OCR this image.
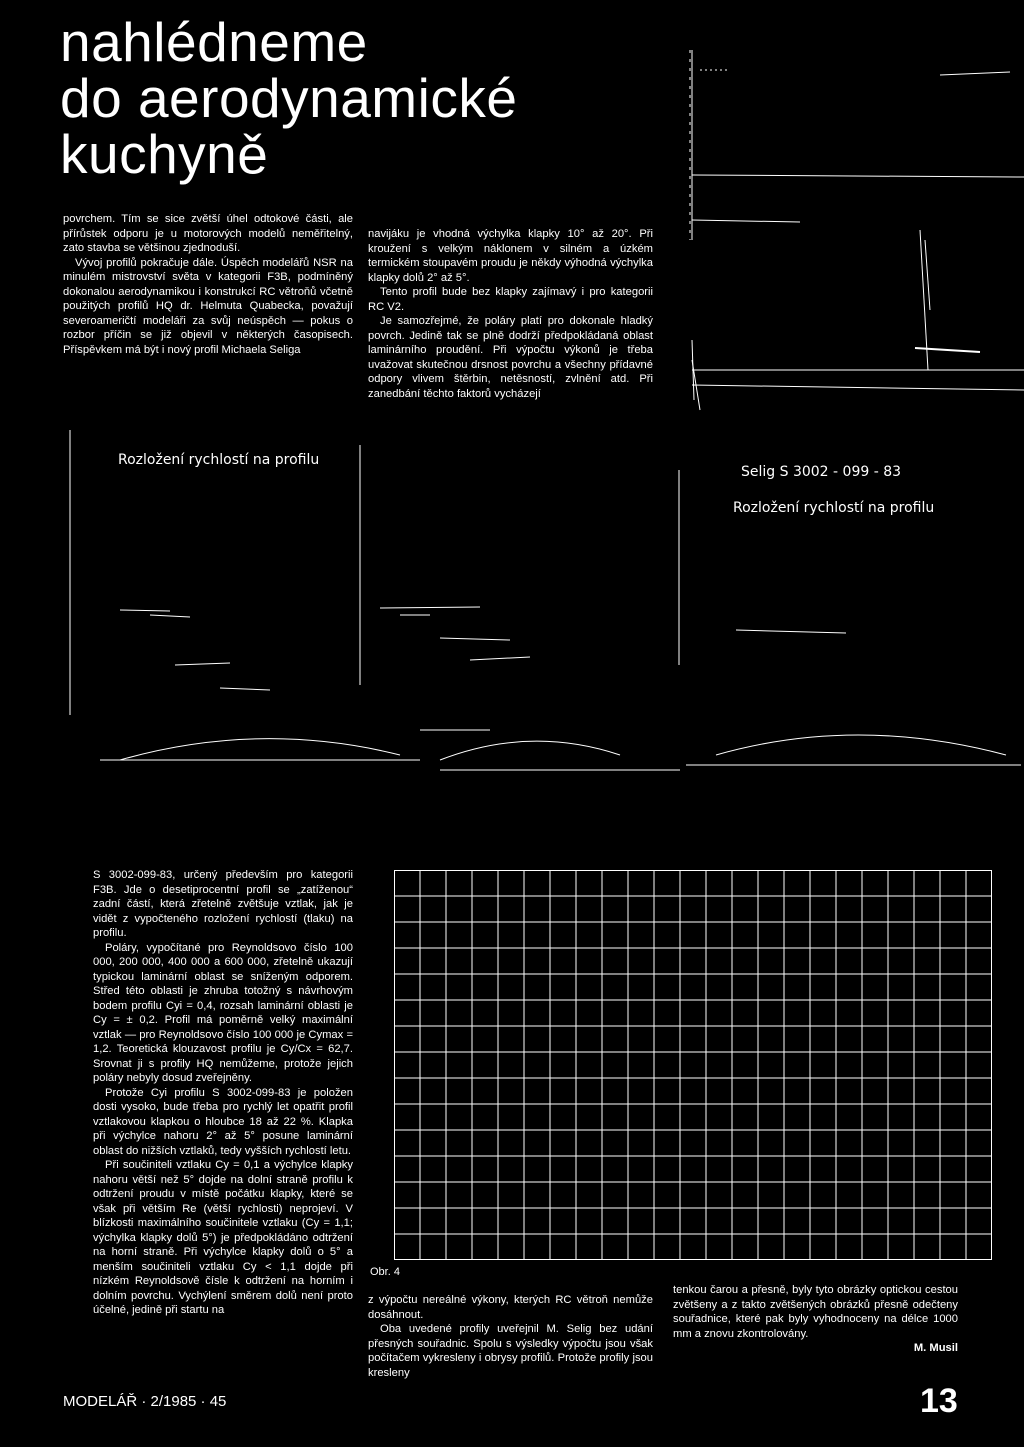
nahlédneme
do aerodynamické
kuchyně

povrchem. Tím se sice zvětší úhel odtokové části, ale přírůstek odporu je u motorových modelů neměřitelný, zato stavba se většinou zjednoduší.

Vývoj profilů pokračuje dále. Úspěch modelářů NSR na minulém mistrovství světa v kategorii F3B, podmíněný dokonalou aerodynamikou i konstrukcí RC větroňů včetně použitých profilů HQ dr. Helmuta Quabecka, považují severoameričtí modeláři za svůj neúspěch — pokus o rozbor příčin se již objevil v některých časopisech. Příspěvkem má být i nový profil Michaela Seliga

navijáku je vhodná výchylka klapky 10° až 20°. Při kroužení s velkým náklonem v silném a úzkém termickém stoupavém proudu je někdy výhodná výchylka klapky dolů 2° až 5°.

Tento profil bude bez klapky zajímavý i pro kategorii RC V2.

Je samozřejmé, že poláry platí pro dokonale hladký povrch. Jedině tak se plně dodrží předpokládaná oblast laminárního proudění. Při výpočtu výkonů je třeba uvažovat skutečnou drsnost povrchu a všechny přídavné odpory vlivem štěrbin, netěsností, zvlnění atd. Při zanedbání těchto faktorů vycházejí

Rozložení rychlostí na profilu
Selig S 3002 - 099 - 83
Rozložení rychlostí na profilu

S 3002-099-83, určený především pro kategorii F3B. Jde o desetiprocentní profil se „zatíženou“ zadní částí, která zřetelně zvětšuje vztlak, jak je vidět z vypočteného rozložení rychlostí (tlaku) na profilu.

Poláry, vypočítané pro Reynoldsovo číslo 100 000, 200 000, 400 000 a 600 000, zřetelně ukazují typickou laminární oblast se sníženým odporem. Střed této oblasti je zhruba totožný s návrhovým bodem profilu Cyi = 0,4, rozsah laminární oblasti je Cy = ± 0,2. Profil má poměrně velký maximální vztlak — pro Reynoldsovo číslo 100 000 je Cymax = 1,2. Teoretická klouzavost profilu je Cy/Cx = 62,7. Srovnat ji s profily HQ nemůžeme, protože jejich poláry nebyly dosud zveřejněny.

Protože Cyi profilu S 3002-099-83 je položen dosti vysoko, bude třeba pro rychlý let opatřit profil vztlakovou klapkou o hloubce 18 až 22 %. Klapka při výchylce nahoru 2° až 5° posune laminární oblast do nižších vztlaků, tedy vyšších rychlostí letu.

Při součiniteli vztlaku Cy = 0,1 a výchylce klapky nahoru větší než 5° dojde na dolní straně profilu k odtržení proudu v místě počátku klapky, které se však při větším Re (větší rychlosti) neprojeví. V blízkosti maximálního součinitele vztlaku (Cy = 1,1; výchylka klapky dolů 5°) je předpokládáno odtržení na horní straně. Při výchylce klapky dolů o 5° a menším součiniteli vztlaku Cy < 1,1 dojde při nízkém Reynoldsově čísle k odtržení na horním i dolním povrchu. Vychýlení směrem dolů není proto účelné, jedině při startu na

Obr. 4

z výpočtu nereálné výkony, kterých RC větroň nemůže dosáhnout.

Oba uvedené profily uveřejnil M. Selig bez udání přesných souřadnic. Spolu s výsledky výpočtu jsou však počítačem vykresleny i obrysy profilů. Protože profily jsou kresleny

tenkou čarou a přesně, byly tyto obrázky optickou cestou zvětšeny a z takto zvětšených obrázků přesně odečteny souřadnice, které pak byly vyhodnoceny na délce 1000 mm a znovu zkontrolovány.

M. Musil

MODELÁŘ · 2/1985 · 45	13
